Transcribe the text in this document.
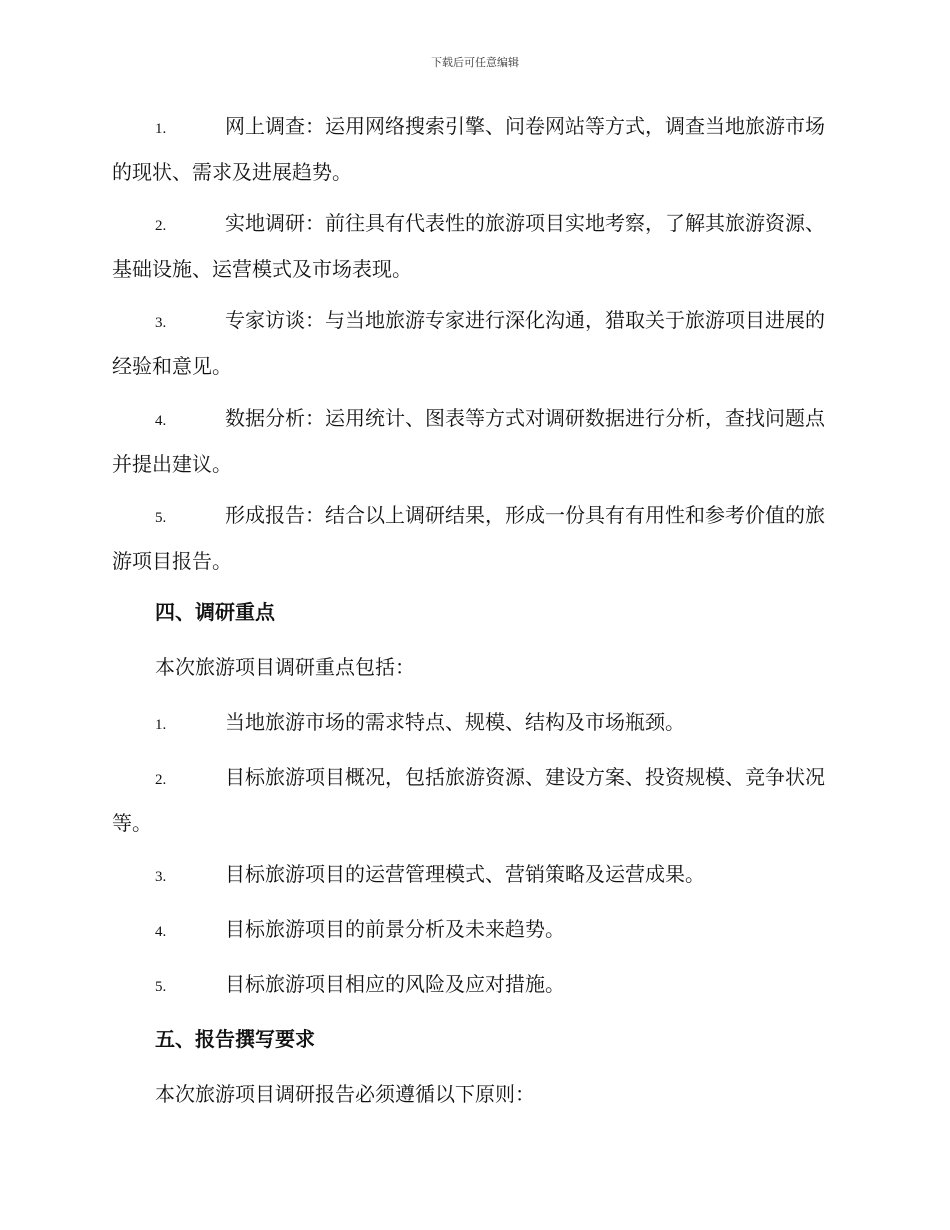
下载后可任意编辑
1.	网上调查：运用网络搜索引擎、问卷网站等方式，调查当地旅游市场的现状、需求及进展趋势。
2.	实地调研：前往具有代表性的旅游项目实地考察，了解其旅游资源、基础设施、运营模式及市场表现。
3.	专家访谈：与当地旅游专家进行深化沟通，猎取关于旅游项目进展的经验和意见。
4.	数据分析：运用统计、图表等方式对调研数据进行分析，查找问题点并提出建议。
5.	形成报告：结合以上调研结果，形成一份具有有用性和参考价值的旅游项目报告。
四、调研重点
本次旅游项目调研重点包括：
1.	当地旅游市场的需求特点、规模、结构及市场瓶颈。
2.	目标旅游项目概况，包括旅游资源、建设方案、投资规模、竞争状况等。
3.	目标旅游项目的运营管理模式、营销策略及运营成果。
4.	目标旅游项目的前景分析及未来趋势。
5.	目标旅游项目相应的风险及应对措施。
五、报告撰写要求
本次旅游项目调研报告必须遵循以下原则：
